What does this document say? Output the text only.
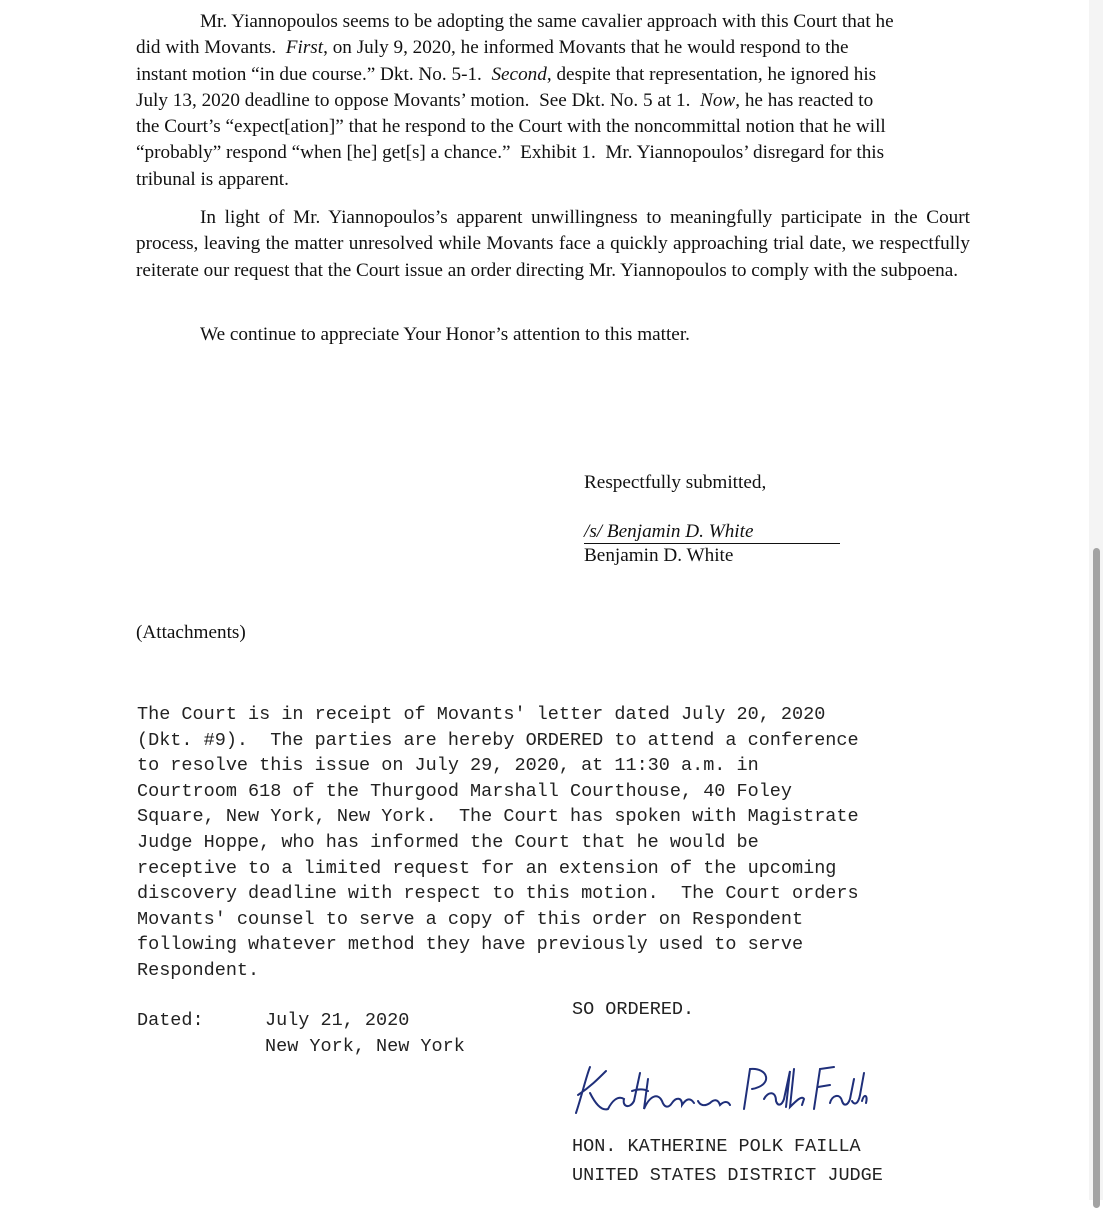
Mr. Yiannopoulos seems to be adopting the same cavalier approach with this Court that he
did with Movants.  First, on July 9, 2020, he informed Movants that he would respond to the
instant motion “in due course.” Dkt. No. 5-1.  Second, despite that representation, he ignored his
July 13, 2020 deadline to oppose Movants’ motion.  See Dkt. No. 5 at 1.  Now, he has reacted to
the Court’s “expect[ation]” that he respond to the Court with the noncommittal notion that he will
“probably” respond “when [he] get[s] a chance.”  Exhibit 1.  Mr. Yiannopoulos’ disregard for this
tribunal is apparent.

In light of Mr. Yiannopoulos’s apparent unwillingness to meaningfully participate in the Court process, leaving the matter unresolved while Movants face a quickly approaching trial date, we respectfully reiterate our request that the Court issue an order directing Mr. Yiannopoulos to comply with the subpoena.

We continue to appreciate Your Honor’s attention to this matter.

Respectfully submitted,
/s/ Benjamin D. White
Benjamin D. White
(Attachments)
The Court is in receipt of Movants' letter dated July 20, 2020
(Dkt. #9).  The parties are hereby ORDERED to attend a conference
to resolve this issue on July 29, 2020, at 11:30 a.m. in
Courtroom 618 of the Thurgood Marshall Courthouse, 40 Foley
Square, New York, New York.  The Court has spoken with Magistrate
Judge Hoppe, who has informed the Court that he would be
receptive to a limited request for an extension of the upcoming
discovery deadline with respect to this motion.  The Court orders
Movants' counsel to serve a copy of this order on Respondent
following whatever method they have previously used to serve
Respondent.
Dated:	July 21, 2020
New York, New York
SO ORDERED.
HON. KATHERINE POLK FAILLA
UNITED STATES DISTRICT JUDGE
